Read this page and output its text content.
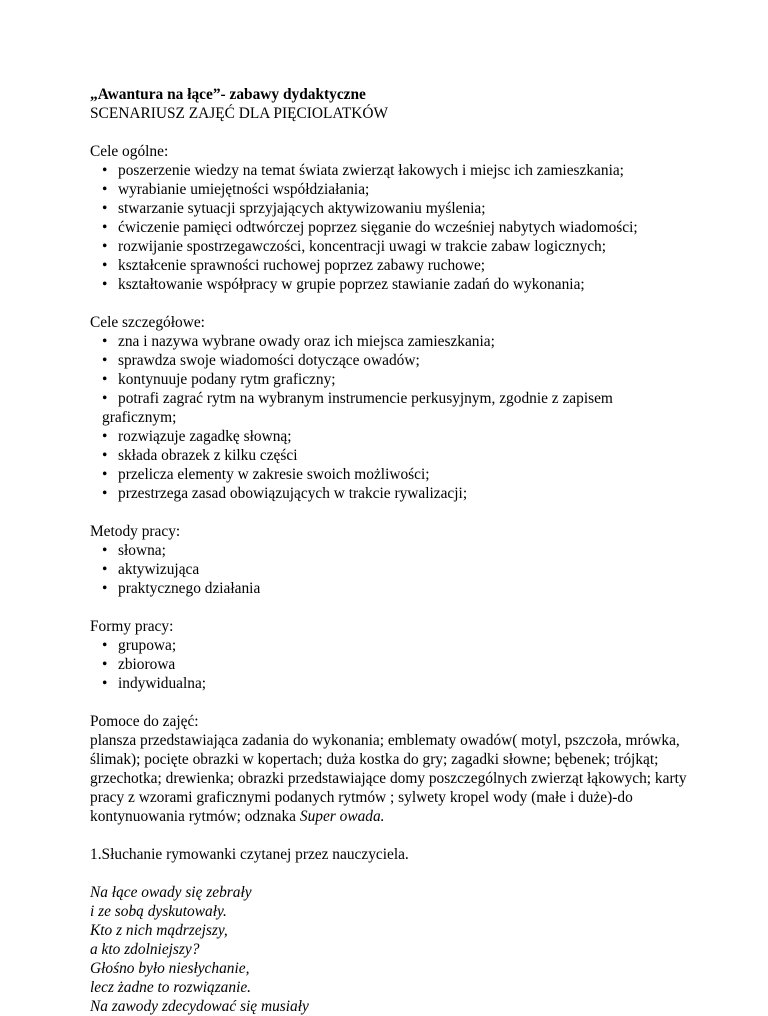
„Awantura na łące”- zabawy dydaktyczne

SCENARIUSZ ZAJĘĆ DLA PIĘCIOLATKÓW

Cele ogólne:

• poszerzenie wiedzy na temat świata zwierząt łakowych i miejsc ich zamieszkania;
• wyrabianie umiejętności współdziałania;
• stwarzanie sytuacji sprzyjających aktywizowaniu myślenia;
• ćwiczenie pamięci odtwórczej poprzez sięganie do wcześniej nabytych wiadomości;
• rozwijanie spostrzegawczości, koncentracji uwagi w trakcie zabaw logicznych;
• kształcenie sprawności ruchowej poprzez zabawy ruchowe;
• kształtowanie współpracy w grupie poprzez stawianie zadań do wykonania;

Cele szczegółowe:

• zna i nazywa wybrane owady oraz ich miejsca zamieszkania;
• sprawdza swoje wiadomości dotyczące owadów;
• kontynuuje podany rytm graficzny;
• potrafi zagrać rytm na wybranym instrumencie perkusyjnym, zgodnie z zapisem
graficznym;
• rozwiązuje zagadkę słowną;
• składa obrazek z kilku części
• przelicza elementy w zakresie swoich możliwości;
• przestrzega zasad obowiązujących w trakcie rywalizacji;

Metody pracy:

• słowna;
• aktywizująca
• praktycznego działania

Formy pracy:

• grupowa;
• zbiorowa
• indywidualna;

Pomoce do zajęć:

plansza przedstawiająca zadania do wykonania; emblematy owadów( motyl, pszczoła, mrówka, ślimak); pocięte obrazki w kopertach; duża kostka do gry; zagadki słowne; bębenek; trójkąt; grzechotka; drewienka; obrazki przedstawiające domy poszczególnych zwierząt łąkowych; karty pracy z wzorami graficznymi podanych rytmów ; sylwety kropel wody (małe i duże)-do kontynuowania rytmów; odznaka Super owada.

1.Słuchanie rymowanki czytanej przez nauczyciela.

Na łące owady się zebrały

i ze sobą dyskutowały.

Kto z nich mądrzejszy,

a kto zdolniejszy?

Głośno było niesłychanie,

lecz żadne to rozwiązanie.

Na zawody zdecydować się musiały
